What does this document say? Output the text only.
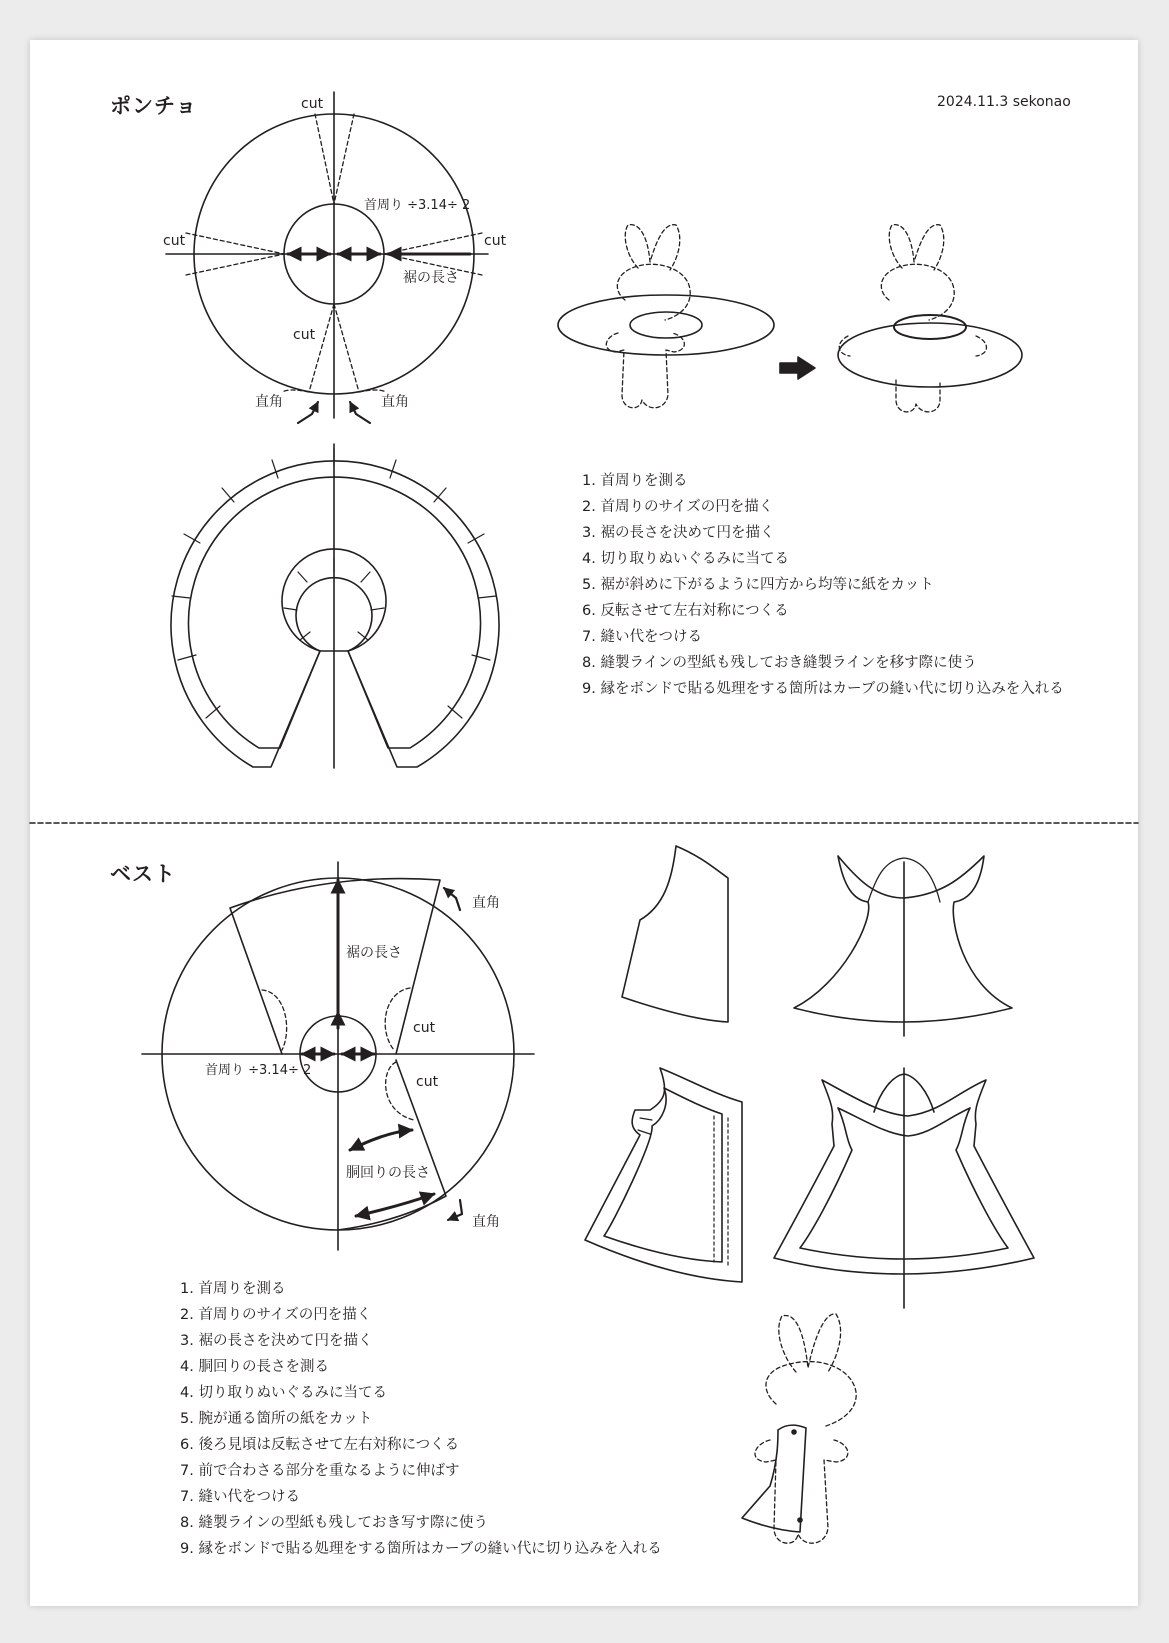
ポンチョ	2024.11.3 sekonao
ベスト
cut
cut	cut
cut
首周り ÷3.14÷ 2
裾の長さ
直角	直角
直角
裾の長さ
cut
cut
首周り ÷3.14÷ 2
胴回りの長さ
直角
1. 首周りを測る
2. 首周りのサイズの円を描く
3. 裾の長さを決めて円を描く
4. 切り取りぬいぐるみに当てる
5. 裾が斜めに下がるように四方から均等に紙をカット
6. 反転させて左右対称につくる
7. 縫い代をつける
8. 縫製ラインの型紙も残しておき縫製ラインを移す際に使う
9. 縁をボンドで貼る処理をする箇所はカーブの縫い代に切り込みを入れる
1. 首周りを測る
2. 首周りのサイズの円を描く
3. 裾の長さを決めて円を描く
4. 胴回りの長さを測る
4. 切り取りぬいぐるみに当てる
5. 腕が通る箇所の紙をカット
6. 後ろ見頃は反転させて左右対称につくる
7. 前で合わさる部分を重なるように伸ばす
7. 縫い代をつける
8. 縫製ラインの型紙も残しておき写す際に使う
9. 縁をボンドで貼る処理をする箇所はカーブの縫い代に切り込みを入れる
